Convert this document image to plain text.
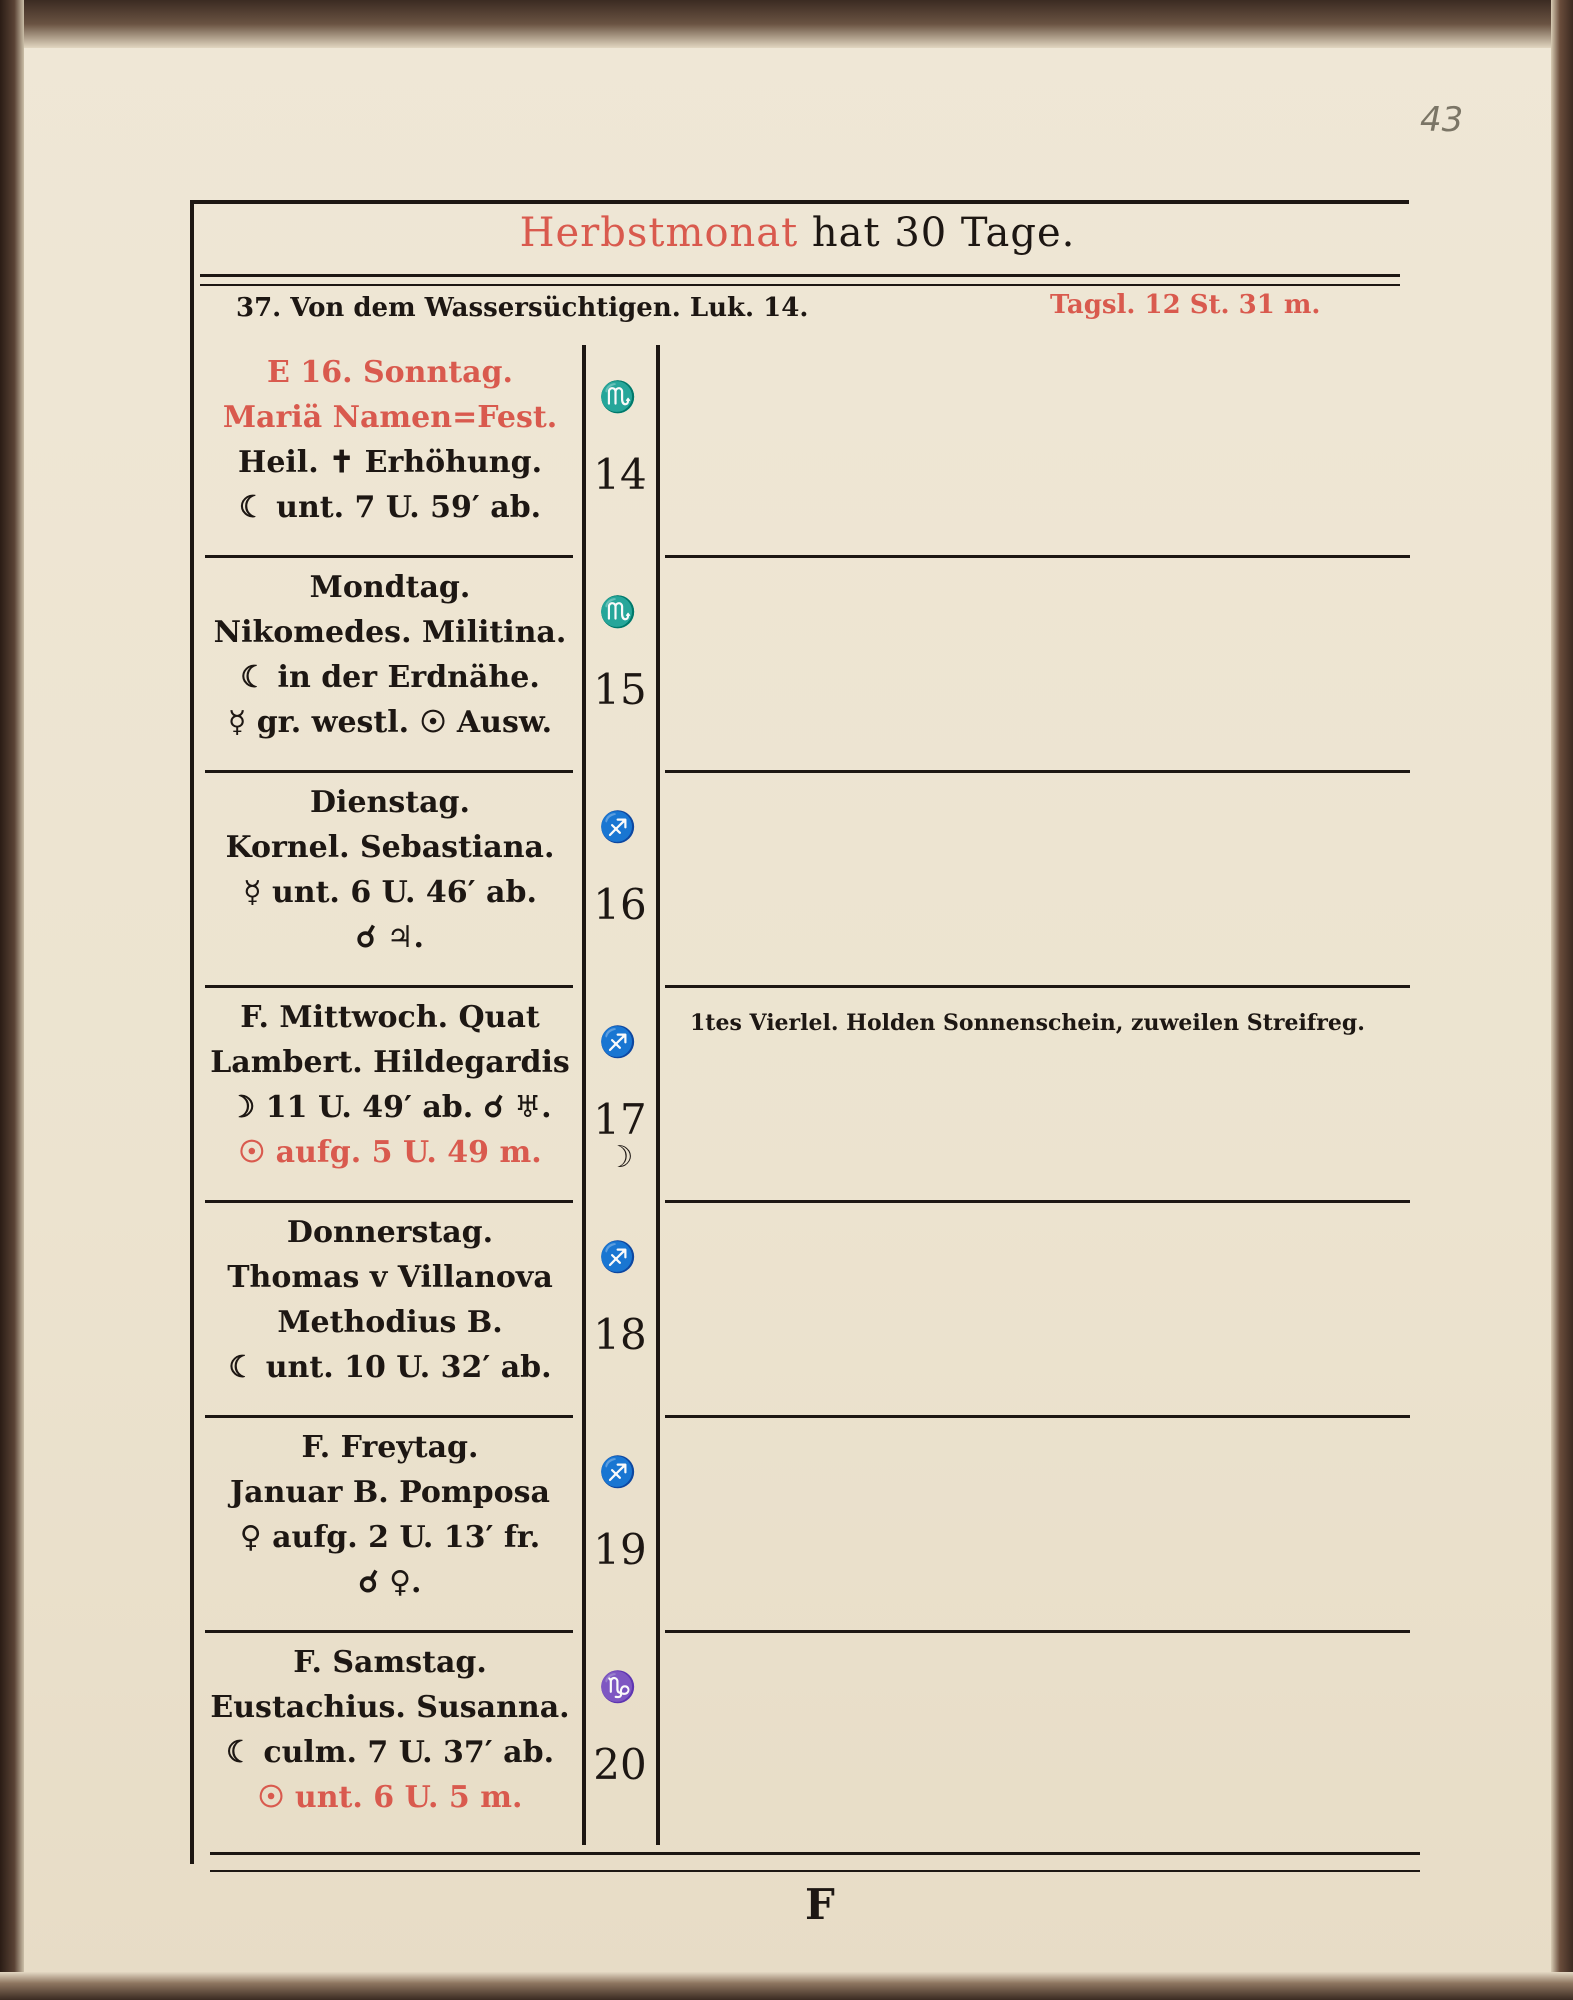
43
Herbstmonat hat 30 Tage.
37. Von dem Wassersüchtigen. Luk. 14.	Tagsl. 12 St. 31 m.
E 16. Sonntag.
Mariä Namen=Fest.
Heil. ✝ Erhöhung.
☾ unt. 7 U. 59′ ab.
♏
14
Mondtag.
Nikomedes. Militina.
☾ in der Erdnähe.
☿ gr. westl. ☉ Ausw.
♏
15
Dienstag.
Kornel. Sebastiana.
☿ unt. 6 U. 46′ ab.
☌ ♃.
♐
16
F. Mittwoch. Quat
Lambert. Hildegardis
☽ 11 U. 49′ ab. ☌ ♅.
☉ aufg. 5 U. 49 m.
♐
17
☽
Donnerstag.
Thomas v Villanova
Methodius B.
☾ unt. 10 U. 32′ ab.
♐
18
F. Freytag.
Januar B. Pomposa
♀ aufg. 2 U. 13′ fr.
☌ ♀.
♐
19
F. Samstag.
Eustachius. Susanna.
☾ culm. 7 U. 37′ ab.
☉ unt. 6 U. 5 m.
♑
20
1tes Vierlel. Holden Sonnenschein, zuweilen Streifreg.
F
